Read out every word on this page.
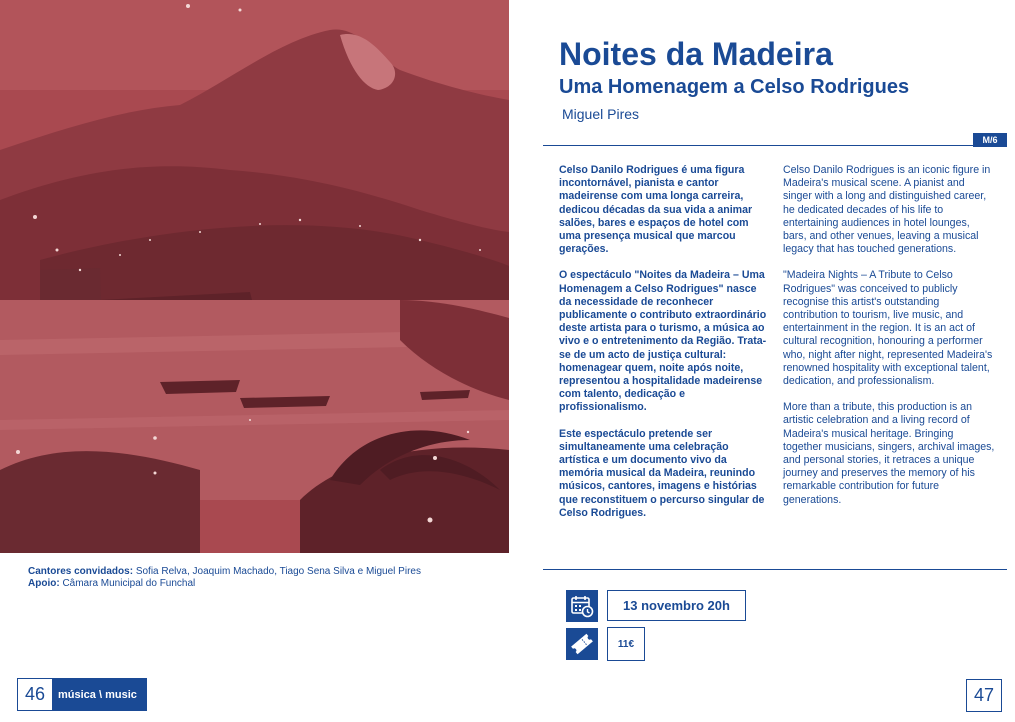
Cantores convidados: Sofia Relva, Joaquim Machado, Tiago Sena Silva e Miguel Pires
Apoio: Câmara Municipal do Funchal
46	música \ music
Noites da Madeira
Uma Homenagem a Celso Rodrigues
Miguel Pires
M/6

Celso Danilo Rodrigues é uma figura incontornável, pianista e cantor madeirense com uma longa carreira, dedicou décadas da sua vida a animar salões, bares e espaços de hotel com uma presença musical que marcou gerações.

O espectáculo "Noites da Madeira – Uma Homenagem a Celso Rodrigues" nasce da necessidade de reconhecer publicamente o contributo extraordinário deste artista para o turismo, a música ao vivo e o entretenimento da Região. Trata-se de um acto de justiça cultural: homenagear quem, noite após noite, representou a hospitalidade madeirense com talento, dedicação e profissionalismo.

Este espectáculo pretende ser simultaneamente uma celebração artística e um documento vivo da memória musical da Madeira, reunindo músicos, cantores, imagens e histórias que reconstituem o percurso singular de Celso Rodrigues.

Celso Danilo Rodrigues is an iconic figure in Madeira's musical scene. A pianist and singer with a long and distinguished career, he dedicated decades of his life to entertaining audiences in hotel lounges, bars, and other venues, leaving a musical legacy that has touched generations.

"Madeira Nights – A Tribute to Celso Rodrigues" was conceived to publicly recognise this artist's outstanding contribution to tourism, live music, and entertainment in the region. It is an act of cultural recognition, honouring a performer who, night after night, represented Madeira's renowned hospitality with exceptional talent, dedication, and professionalism.

More than a tribute, this production is an artistic celebration and a living record of Madeira's musical heritage. Bringing together musicians, singers, archival images, and personal stories, it retraces a unique journey and preserves the memory of his remarkable contribution for future generations.

13 novembro 20h
11€
47
